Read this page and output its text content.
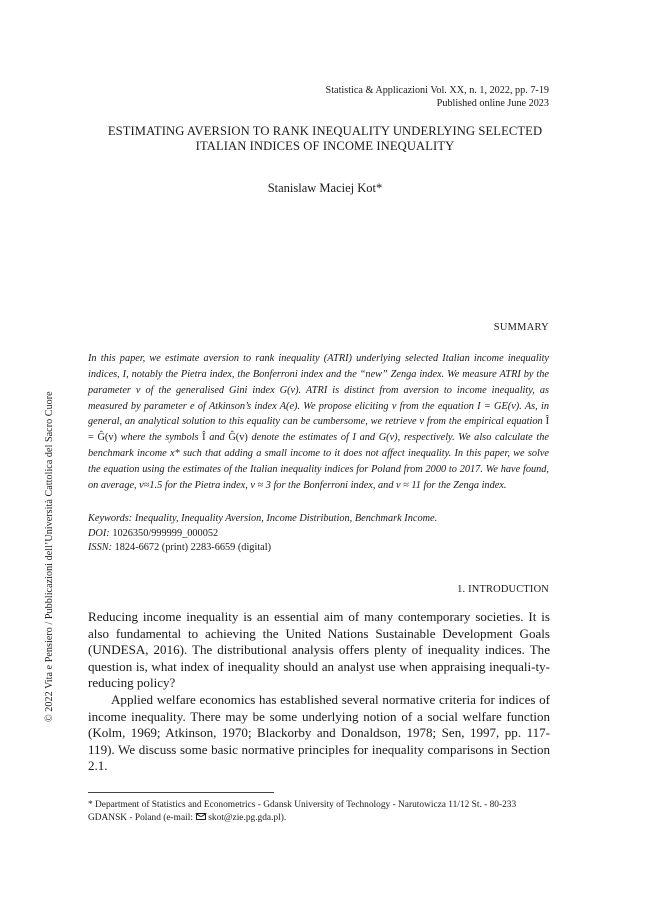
Statistica & Applicazioni Vol. XX, n. 1, 2022, pp. 7-19
Published online June 2023
ESTIMATING AVERSION TO RANK INEQUALITY UNDERLYING SELECTED
ITALIAN INDICES OF INCOME INEQUALITY
Stanislaw Maciej Kot*
SUMMARY

In this paper, we estimate aversion to rank inequality (ATRI) underlying selected Italian income inequality indices, I, notably the Pietra index, the Bonferroni index and the “new” Zenga index. We measure ATRI by the parameter v of the generalised Gini index G(v). ATRI is distinct from aversion to income inequality, as measured by parameter e of Atkinson’s index A(e). We propose eliciting v from the equation I = GE(v). As, in general, an analytical solution to this equality can be cumbersome, we retrieve v from the empirical equation Î = Ĝ(v) where the symbols Î and Ĝ(v) denote the estimates of I and G(v), respectively. We also calculate the benchmark income x* such that adding a small income to it does not affect inequality. In this paper, we solve the equation using the estimates of the Italian inequality indices for Poland from 2000 to 2017. We have found, on average, v≈1.5 for the Pietra index, v ≈ 3 for the Bonferroni index, and v ≈ 11 for the Zenga index.

Keywords: Inequality, Inequality Aversion, Income Distribution, Benchmark Income.
DOI: 1026350/999999_000052
ISSN: 1824-6672 (print) 2283-6659 (digital)
1. INTRODUCTION

Reducing income inequality is an essential aim of many contemporary societies. It is also fundamental to achieving the United Nations Sustainable Development Goals (UNDESA, 2016). The distributional analysis offers plenty of inequality indices. The question is, what index of inequality should an analyst use when appraising inequali-ty-reducing policy?

Applied welfare economics has established several normative criteria for indices of income inequality. There may be some underlying notion of a social welfare function (Kolm, 1969; Atkinson, 1970; Blackorby and Donaldson, 1978; Sen, 1997, pp. 117-119). We discuss some basic normative principles for inequality comparisons in Section 2.1.

* Department of Statistics and Econometrics - Gdansk University of Technology - Narutowicza 11/12 St. - 80-233 GDANSK - Poland (e-mail: skot@zie.pg.gda.pl).
© 2022 Vita e Pensiero / Pubblicazioni dell’Università Cattolica del Sacro Cuore
